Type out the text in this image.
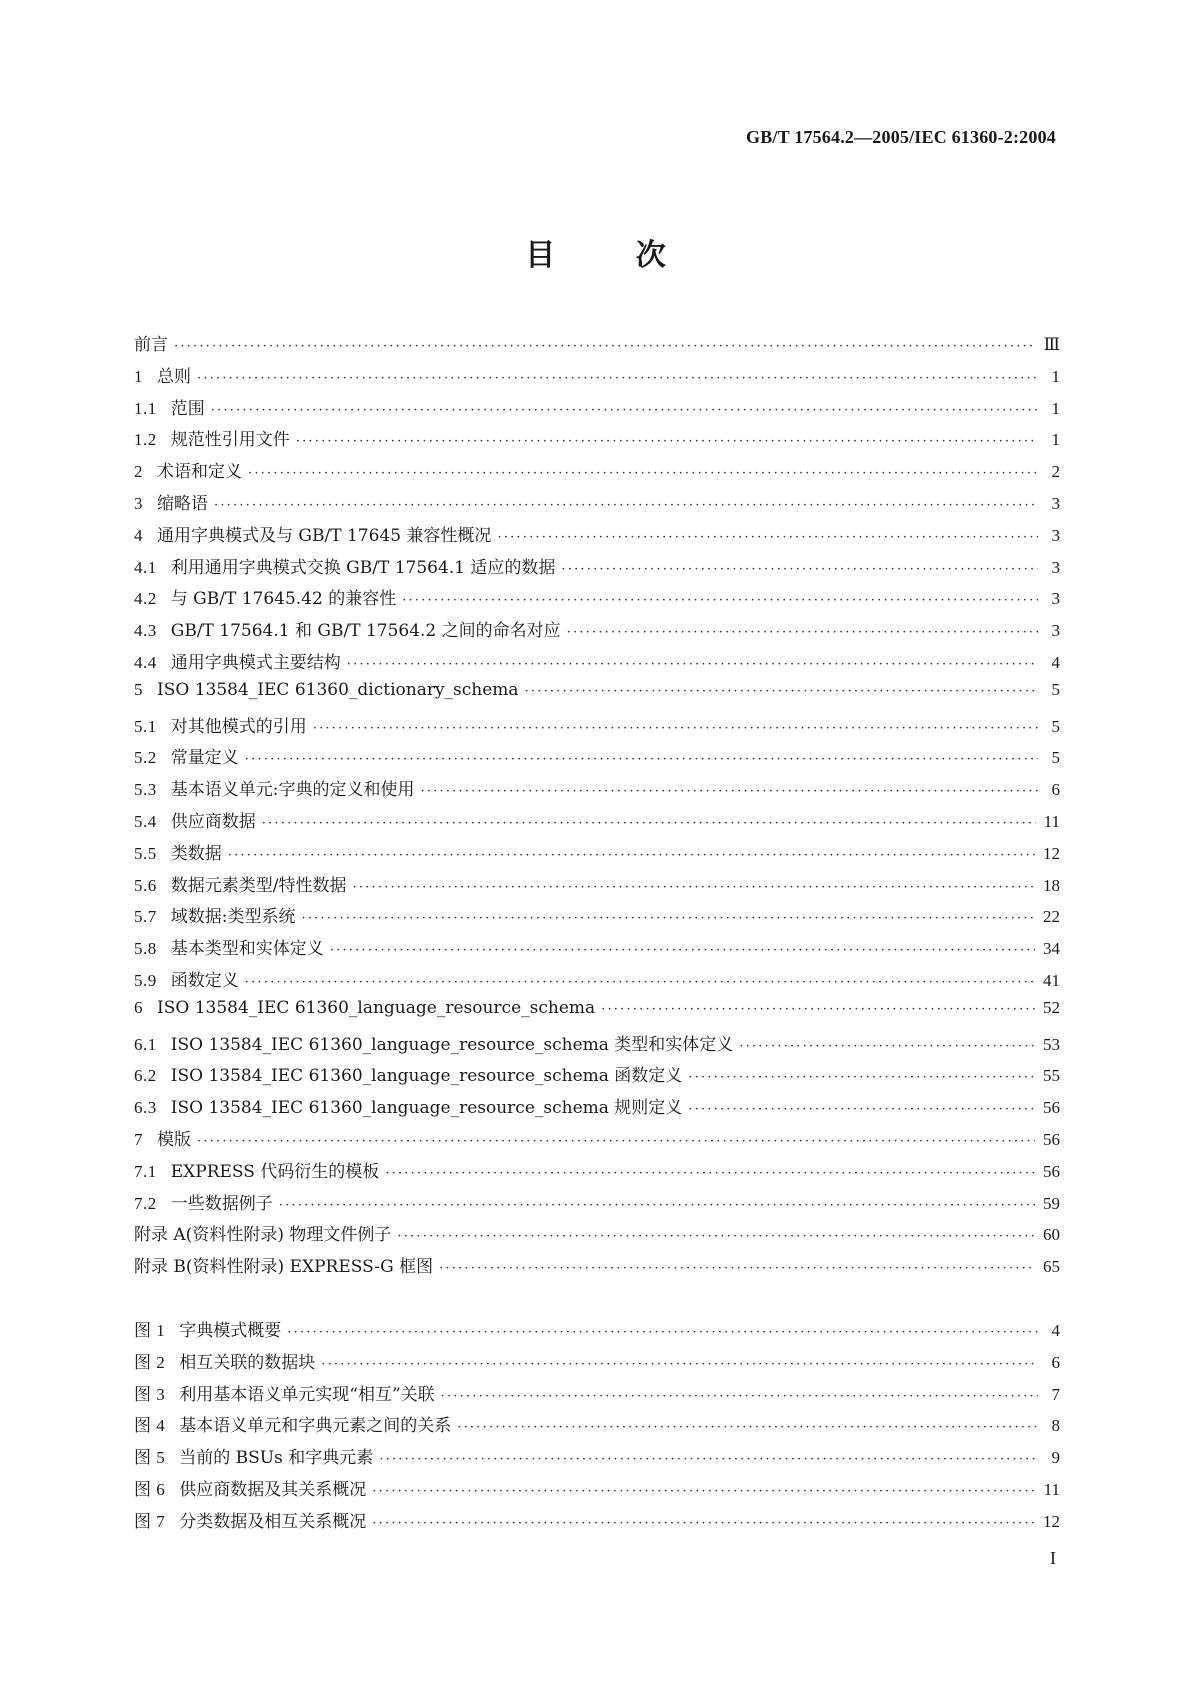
GB/T 17564.2—2005/IEC 61360-2:2004
目 次
前言 ·····	Ⅲ
1 总则 ·····	1
1.1 范围 ·····	1
1.2 规范性引用文件 ·····	1
2 术语和定义 ·····	2
3 缩略语 ·····	3
4 通用字典模式及与 GB/T 17645 兼容性概况 ·····	3
4.1 利用通用字典模式交换 GB/T 17564.1 适应的数据 ·····	3
4.2 与 GB/T 17645.42 的兼容性 ·····	3
4.3 GB/T 17564.1 和 GB/T 17564.2 之间的命名对应 ·····	3
4.4 通用字典模式主要结构 ·····	4
5 ISO 13584_IEC 61360_dictionary_schema ·····	5
5.1 对其他模式的引用 ·····	5
5.2 常量定义 ·····	5
5.3 基本语义单元:字典的定义和使用 ·····	6
5.4 供应商数据 ·····	11
5.5 类数据 ·····	12
5.6 数据元素类型/特性数据 ·····	18
5.7 域数据:类型系统 ·····	22
5.8 基本类型和实体定义 ·····	34
5.9 函数定义 ·····	41
6 ISO 13584_IEC 61360_language_resource_schema ·····	52
6.1 ISO 13584_IEC 61360_language_resource_schema 类型和实体定义 ·····	53
6.2 ISO 13584_IEC 61360_language_resource_schema 函数定义 ·····	55
6.3 ISO 13584_IEC 61360_language_resource_schema 规则定义 ·····	56
7 模版 ·····	56
7.1 EXPRESS 代码衍生的模板 ·····	56
7.2 一些数据例子 ·····	59
附录 A(资料性附录) 物理文件例子 ·····	60
附录 B(资料性附录) EXPRESS-G 框图 ·····	65
图 1 字典模式概要 ·····	4
图 2 相互关联的数据块 ·····	6
图 3 利用基本语义单元实现“相互”关联 ·····	7
图 4 基本语义单元和字典元素之间的关系 ·····	8
图 5 当前的 BSUs 和字典元素 ·····	9
图 6 供应商数据及其关系概况 ·····	11
图 7 分类数据及相互关系概况 ·····	12
I
